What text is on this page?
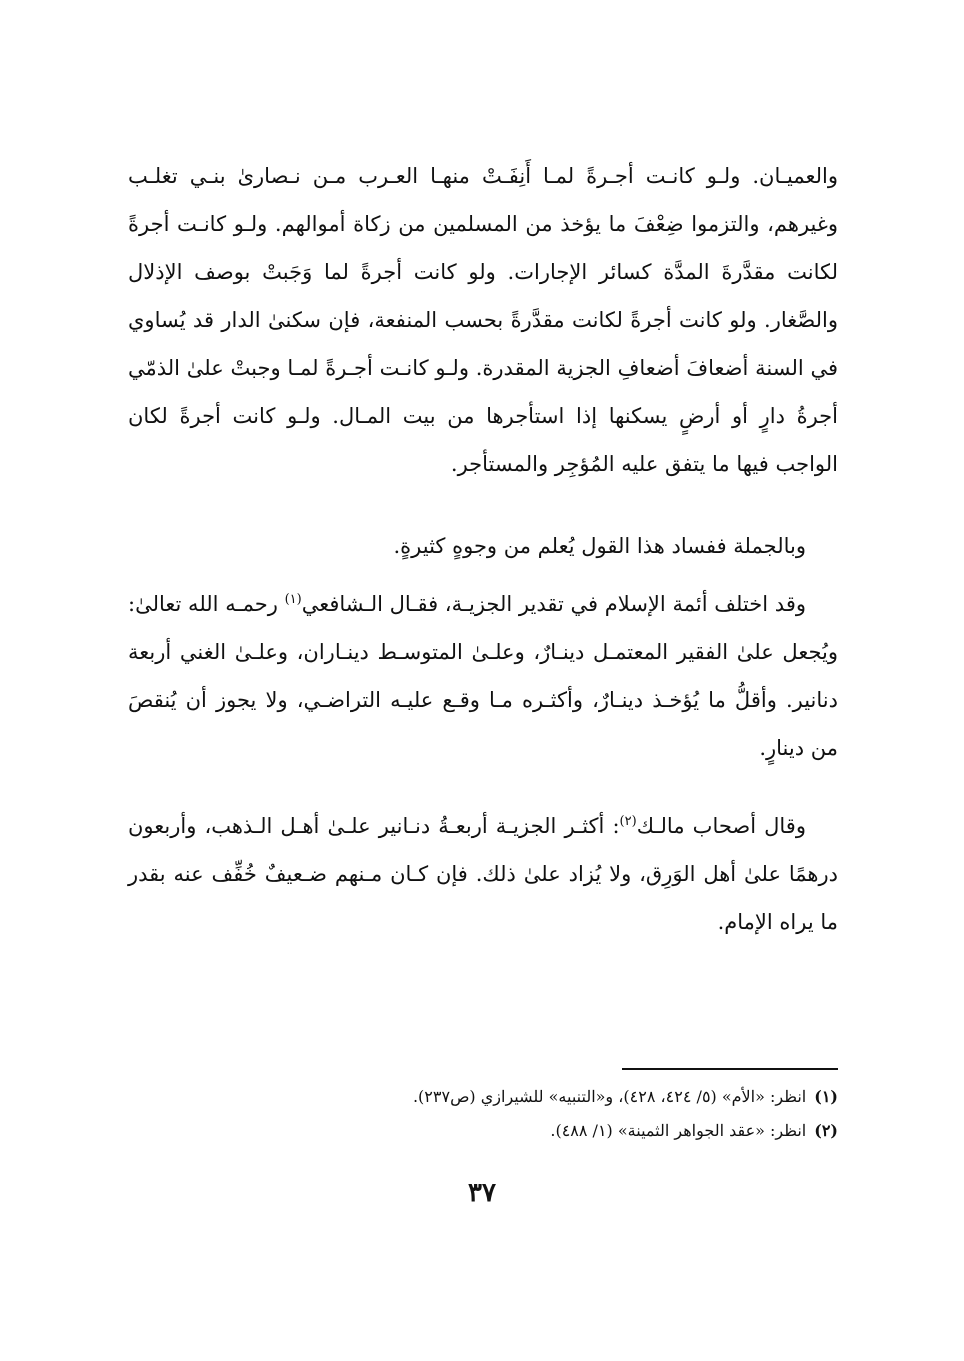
والعميـان. ولـو كانـت أجـرةً لمـا أَنِفَـتْ منهـا العـرب مـن نـصارىٰ بنـي تغلـب وغيرهم، والتزموا ضِعْفَ ما يؤخذ من المسلمين من زكاة أموالهم. ولـو كانـت أجرةً لكانت مقدَّرةَ المدَّة كسائر الإجارات. ولو كانت أجرةً لما وَجَبتْ بوصف الإذلال والصَّغار. ولو كانت أجرةً لكانت مقدَّرةً بحسب المنفعة، فإن سكنىٰ الدار قد يُساوي في السنة أضعافَ أضعافِ الجزية المقدرة. ولـو كانـت أجـرةً لمـا وجبتْ علىٰ الذمّي أجرةُ دارٍ أو أرضٍ يسكنها إذا استأجرها من بيت المـال. ولـو كانت أجرةً لكان الواجب فيها ما يتفق عليه المُؤجِر والمستأجر.

وبالجملة ففساد هذا القول يُعلم من وجوهٍ كثيرةٍ.

وقد اختلف أئمة الإسلام في تقدير الجزيـة، فقـال الـشافعي$^{(١)}$ رحمـه الله تعالىٰ: ويُجعل علىٰ الفقير المعتمـل دينـارٌ، وعلـىٰ المتوسـط دينـاران، وعلـىٰ الغني أربعة دنانير. وأقلُّ ما يُؤخـذ دينـارٌ، وأكثـره مـا وقـع عليـه التراضـي، ولا يجوز أن يُنقصَ من دينارٍ.

وقال أصحاب مالـك$^{(٢)}$: أكثـر الجزيـة أربعـةُ دنـانير علـىٰ أهـل الـذهب، وأربعون درهمًا علىٰ أهل الوَرِق، ولا يُزاد علىٰ ذلك. فإن كـان مـنهم ضـعيفٌ خُفِّف عنه بقدر ما يراه الإمام.

(١)انظر: «الأم» (٥/ ٤٢٤، ٤٢٨)، و«التنبيه» للشيرازي (ص٢٣٧).

(٢)انظر: «عقد الجواهر الثمينة» (١/ ٤٨٨).

٣٧
